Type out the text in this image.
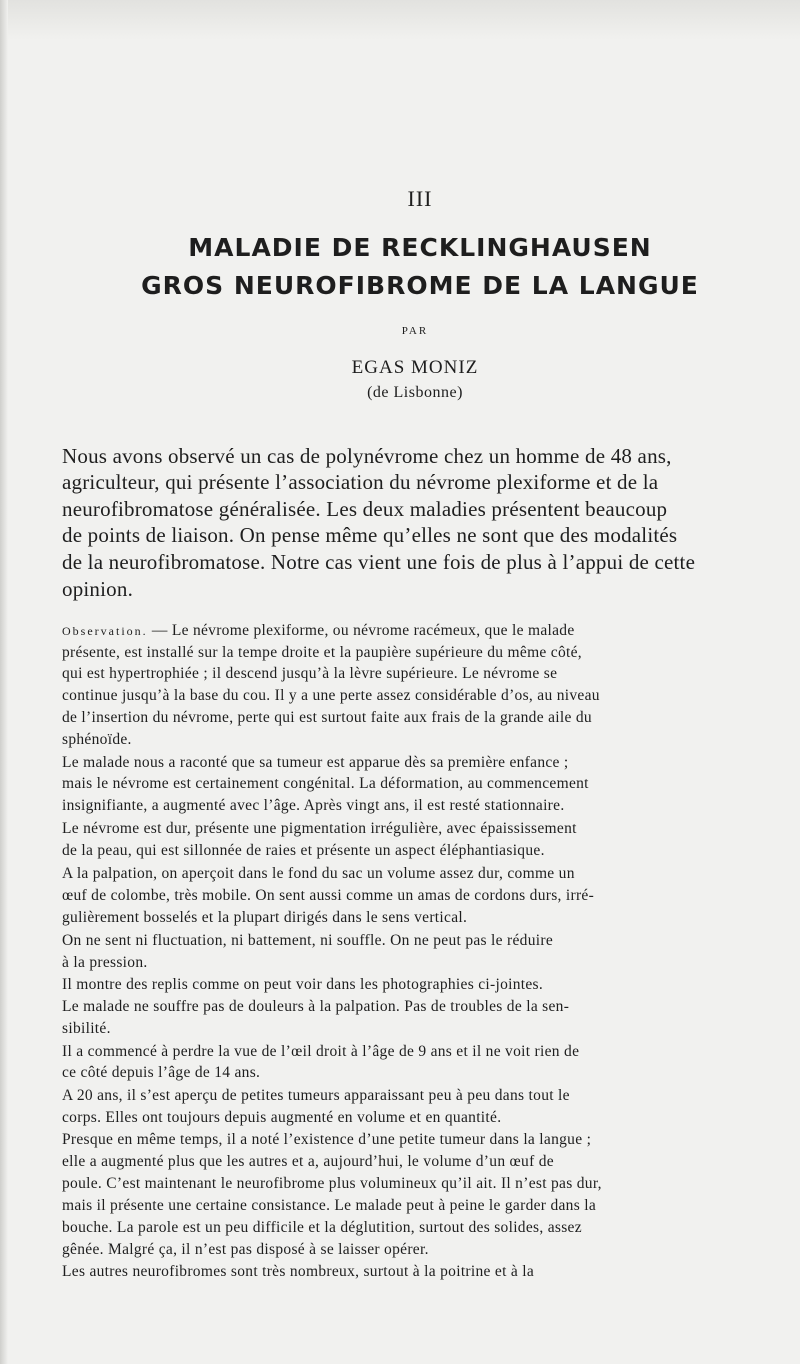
III
MALADIE DE RECKLINGHAUSEN
GROS NEUROFIBROME DE LA LANGUE
PAR
EGAS MONIZ
(de Lisbonne)
Nous avons observé un cas de polynévrome chez un homme de 48 ans,
agriculteur, qui présente l’association du névrome plexiforme et de la
neurofibromatose généralisée. Les deux maladies présentent beaucoup
de points de liaison. On pense même qu’elles ne sont que des modalités
de la neurofibromatose. Notre cas vient une fois de plus à l’appui de cette
opinion.
Observation. — Le névrome plexiforme, ou névrome racémeux, que le malade
présente, est installé sur la tempe droite et la paupière supérieure du même côté,
qui est hypertrophiée ; il descend jusqu’à la lèvre supérieure. Le névrome se
continue jusqu’à la base du cou. Il y a une perte assez considérable d’os, au niveau
de l’insertion du névrome, perte qui est surtout faite aux frais de la grande aile du
sphénoïde.
Le malade nous a raconté que sa tumeur est apparue dès sa première enfance ;
mais le névrome est certainement congénital. La déformation, au commencement
insignifiante, a augmenté avec l’âge. Après vingt ans, il est resté stationnaire.
Le névrome est dur, présente une pigmentation irrégulière, avec épaississement
de la peau, qui est sillonnée de raies et présente un aspect éléphantiasique.
A la palpation, on aperçoit dans le fond du sac un volume assez dur, comme un
œuf de colombe, très mobile. On sent aussi comme un amas de cordons durs, irré-
gulièrement bosselés et la plupart dirigés dans le sens vertical.
On ne sent ni fluctuation, ni battement, ni souffle. On ne peut pas le réduire
à la pression.
Il montre des replis comme on peut voir dans les photographies ci-jointes.
Le malade ne souffre pas de douleurs à la palpation. Pas de troubles de la sen-
sibilité.
Il a commencé à perdre la vue de l’œil droit à l’âge de 9 ans et il ne voit rien de
ce côté depuis l’âge de 14 ans.
A 20 ans, il s’est aperçu de petites tumeurs apparaissant peu à peu dans tout le
corps. Elles ont toujours depuis augmenté en volume et en quantité.
Presque en même temps, il a noté l’existence d’une petite tumeur dans la langue ;
elle a augmenté plus que les autres et a, aujourd’hui, le volume d’un œuf de
poule. C’est maintenant le neurofibrome plus volumineux qu’il ait. Il n’est pas dur,
mais il présente une certaine consistance. Le malade peut à peine le garder dans la
bouche. La parole est un peu difficile et la déglutition, surtout des solides, assez
gênée. Malgré ça, il n’est pas disposé à se laisser opérer.
Les autres neurofibromes sont très nombreux, surtout à la poitrine et à la
